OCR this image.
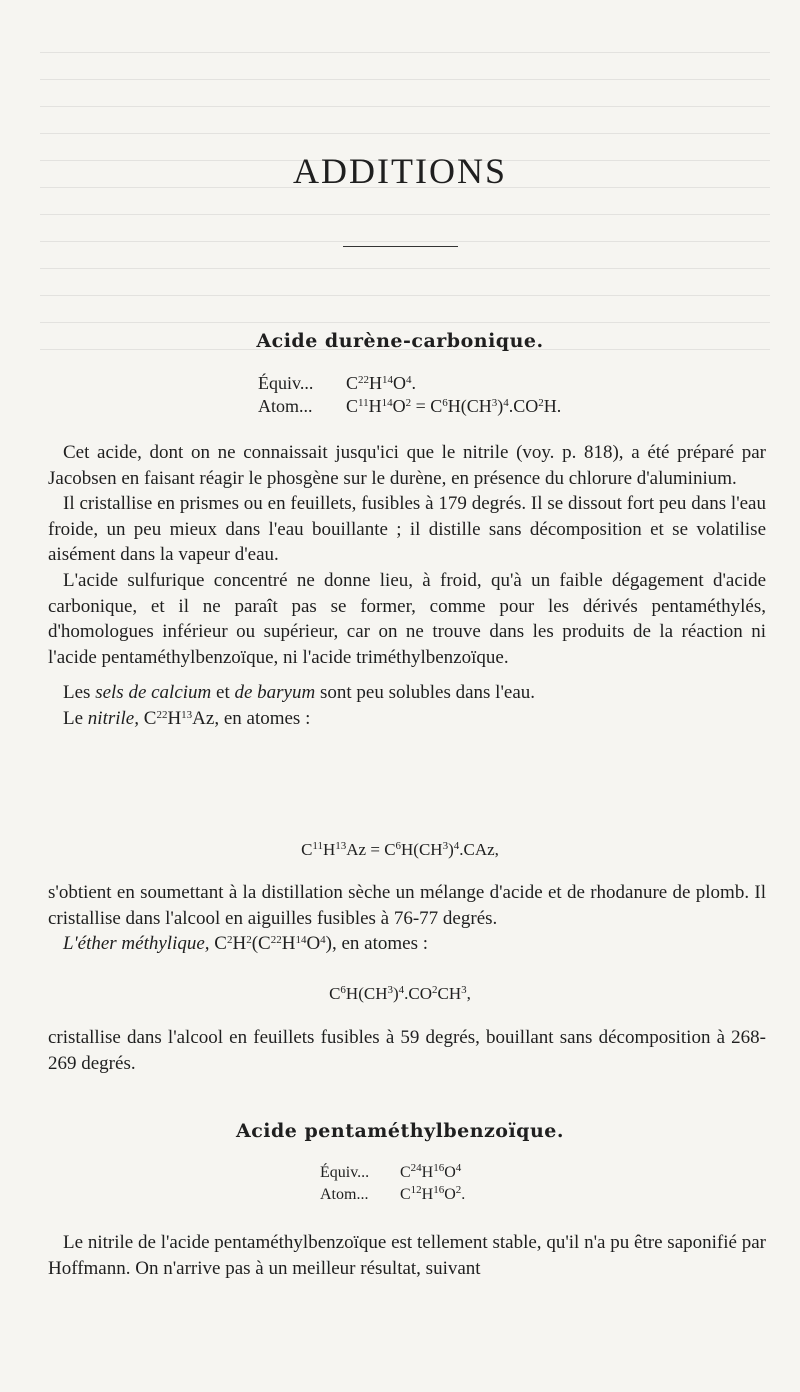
ADDITIONS
Acide durène-carbonique.
Équiv... $C^{22}H^{14}O^4$.
Atom... $C^{11}H^{14}O^2 = C^6H(CH^3)^4.CO^2H$.

Cet acide, dont on ne connaissait jusqu'ici que le nitrile (voy. p. 818), a été préparé par Jacobsen en faisant réagir le phosgène sur le durène, en présence du chlorure d'aluminium.

Il cristallise en prismes ou en feuillets, fusibles à 179 degrés. Il se dissout fort peu dans l'eau froide, un peu mieux dans l'eau bouillante ; il distille sans décomposition et se volatilise aisément dans la vapeur d'eau.

L'acide sulfurique concentré ne donne lieu, à froid, qu'à un faible dégagement d'acide carbonique, et il ne paraît pas se former, comme pour les dérivés pentaméthylés, d'homologues inférieur ou supérieur, car on ne trouve dans les produits de la réaction ni l'acide pentaméthylbenzoïque, ni l'acide triméthylbenzoïque.

Les sels de calcium et de baryum sont peu solubles dans l'eau.

Le nitrile, $C^{22}H^{13}Az$, en atomes :

$C^{11}H^{13}Az = C^6H(CH^3)^4.CAz$,

s'obtient en soumettant à la distillation sèche un mélange d'acide et de rhodanure de plomb. Il cristallise dans l'alcool en aiguilles fusibles à 76-77 degrés.

L'éther méthylique, $C^2H^2(C^{22}H^{14}O^4)$, en atomes :

$C^6H(CH^3)^4.CO^2CH^3$,

cristallise dans l'alcool en feuillets fusibles à 59 degrés, bouillant sans décomposition à 268-269 degrés.

Acide pentaméthylbenzoïque.
Équiv... $C^{24}H^{16}O^4$
Atom... $C^{12}H^{16}O^2$.

Le nitrile de l'acide pentaméthylbenzoïque est tellement stable, qu'il n'a pu être saponifié par Hoffmann. On n'arrive pas à un meilleur résultat, suivant
